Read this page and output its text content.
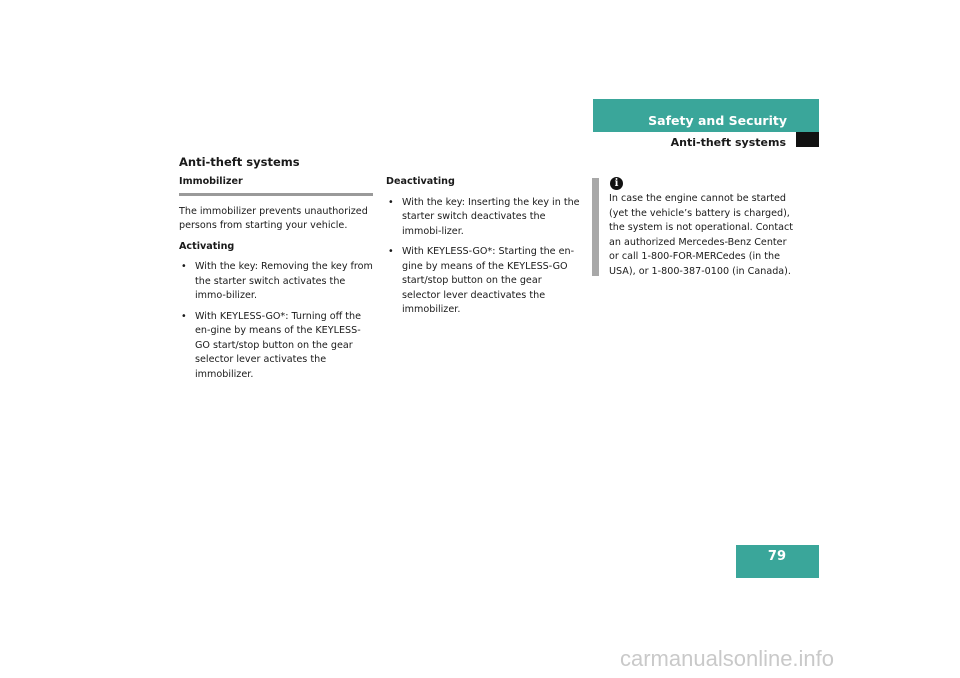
Safety and Security
Anti-theft systems
Anti-theft systems

Immobilizer

The immobilizer prevents unauthorized persons from starting your vehicle.

Activating

• With the key: Removing the key from the starter switch activates the immo-bilizer.

• With KEYLESS-GO*: Turning off the en-gine by means of the KEYLESS-GO start/stop button on the gear selector lever activates the immobilizer.

Deactivating

• With the key: Inserting the key in the starter switch deactivates the immobi-lizer.

• With KEYLESS-GO*: Starting the en-gine by means of the KEYLESS-GO start/stop button on the gear selector lever deactivates the immobilizer.

i
In case the engine cannot be started (yet the vehicle’s battery is charged), the system is not operational. Contact an authorized Mercedes-Benz Center or call 1-800-FOR-MERCedes (in the USA), or 1-800-387-0100 (in Canada).
79
carmanualsonline.info
